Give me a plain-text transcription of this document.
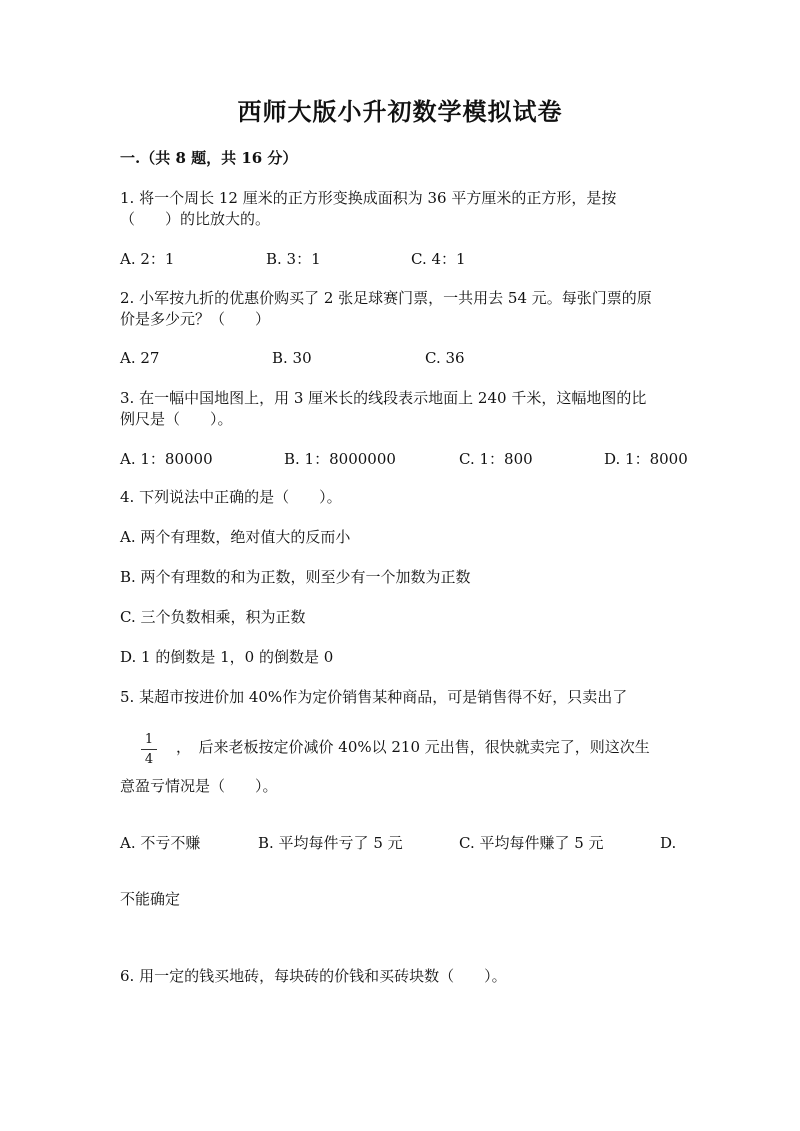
西师大版小升初数学模拟试卷
一.（共 8 题，共 16 分）
1. 将一个周长 12 厘米的正方形变换成面积为 36 平方厘米的正方形，是按
（　　）的比放大的。
A. 2：1	B. 3：1	C. 4：1
2. 小军按九折的优惠价购买了 2 张足球赛门票，一共用去 54 元。每张门票的原
价是多少元？（　　）
A. 27	B. 30	C. 36
3. 在一幅中国地图上，用 3 厘米长的线段表示地面上 240 千米，这幅地图的比
例尺是（　　）。
A. 1：80000	B. 1：8000000	C. 1：800	D. 1：8000
4. 下列说法中正确的是（　　）。
A. 两个有理数，绝对值大的反而小
B. 两个有理数的和为正数，则至少有一个加数为正数
C. 三个负数相乘，积为正数
D. 1 的倒数是 1，0 的倒数是 0
5. 某超市按进价加 40%作为定价销售某种商品，可是销售得不好，只卖出了
1
4
，　后来老板按定价减价 40%以 210 元出售，很快就卖完了，则这次生
意盈亏情况是（　　）。
A. 不亏不赚	B. 平均每件亏了 5 元	C. 平均每件赚了 5 元	D.
不能确定
6. 用一定的钱买地砖，每块砖的价钱和买砖块数（　　）。
